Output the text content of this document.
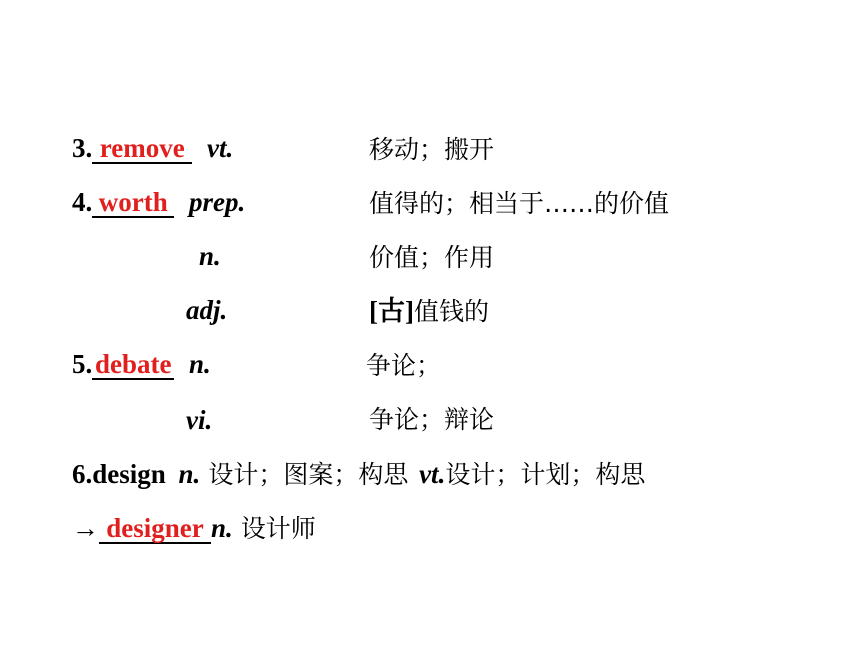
3. remove vt.	移动；搬开
4. worth prep.	值得的；相当于……的价值
n.	价值；作用
adj.	[古]值钱的
5. debate n.	争论；
vi.	争论；辩论
6.design n. 设计；图案；构思 vt.设计；计划；构思
→ designer n. 设计师
